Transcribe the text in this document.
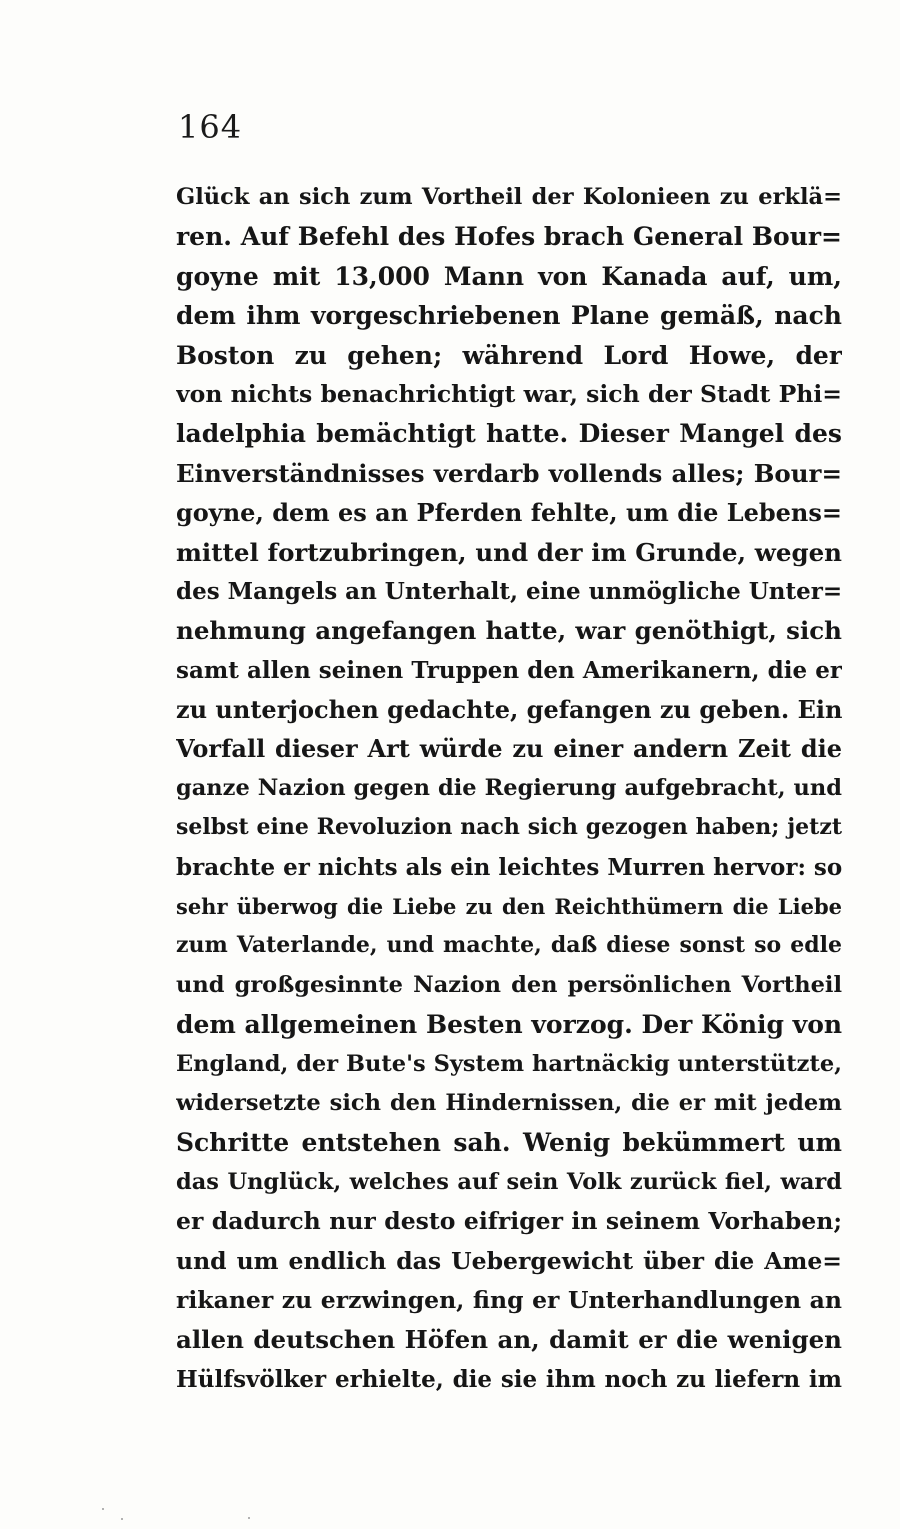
164
Glück an sich zum Vortheil der Kolonieen zu erklä=
ren. Auf Befehl des Hofes brach General Bour=
goyne mit 13,000 Mann von Kanada auf, um,
dem ihm vorgeschriebenen Plane gemäß, nach
Boston zu gehen; während Lord Howe, der
von nichts benachrichtigt war, sich der Stadt Phi=
ladelphia bemächtigt hatte. Dieser Mangel des
Einverständnisses verdarb vollends alles; Bour=
goyne, dem es an Pferden fehlte, um die Lebens=
mittel fortzubringen, und der im Grunde, wegen
des Mangels an Unterhalt, eine unmögliche Unter=
nehmung angefangen hatte, war genöthigt, sich
samt allen seinen Truppen den Amerikanern, die er
zu unterjochen gedachte, gefangen zu geben. Ein
Vorfall dieser Art würde zu einer andern Zeit die
ganze Nazion gegen die Regierung aufgebracht, und
selbst eine Revoluzion nach sich gezogen haben; jetzt
brachte er nichts als ein leichtes Murren hervor: so
sehr überwog die Liebe zu den Reichthümern die Liebe
zum Vaterlande, und machte, daß diese sonst so edle
und großgesinnte Nazion den persönlichen Vortheil
dem allgemeinen Besten vorzog. Der König von
England, der Bute's System hartnäckig unterstützte,
widersetzte sich den Hindernissen, die er mit jedem
Schritte entstehen sah. Wenig bekümmert um
das Unglück, welches auf sein Volk zurück fiel, ward
er dadurch nur desto eifriger in seinem Vorhaben;
und um endlich das Uebergewicht über die Ame=
rikaner zu erzwingen, fing er Unterhandlungen an
allen deutschen Höfen an, damit er die wenigen
Hülfsvölker erhielte, die sie ihm noch zu liefern im
